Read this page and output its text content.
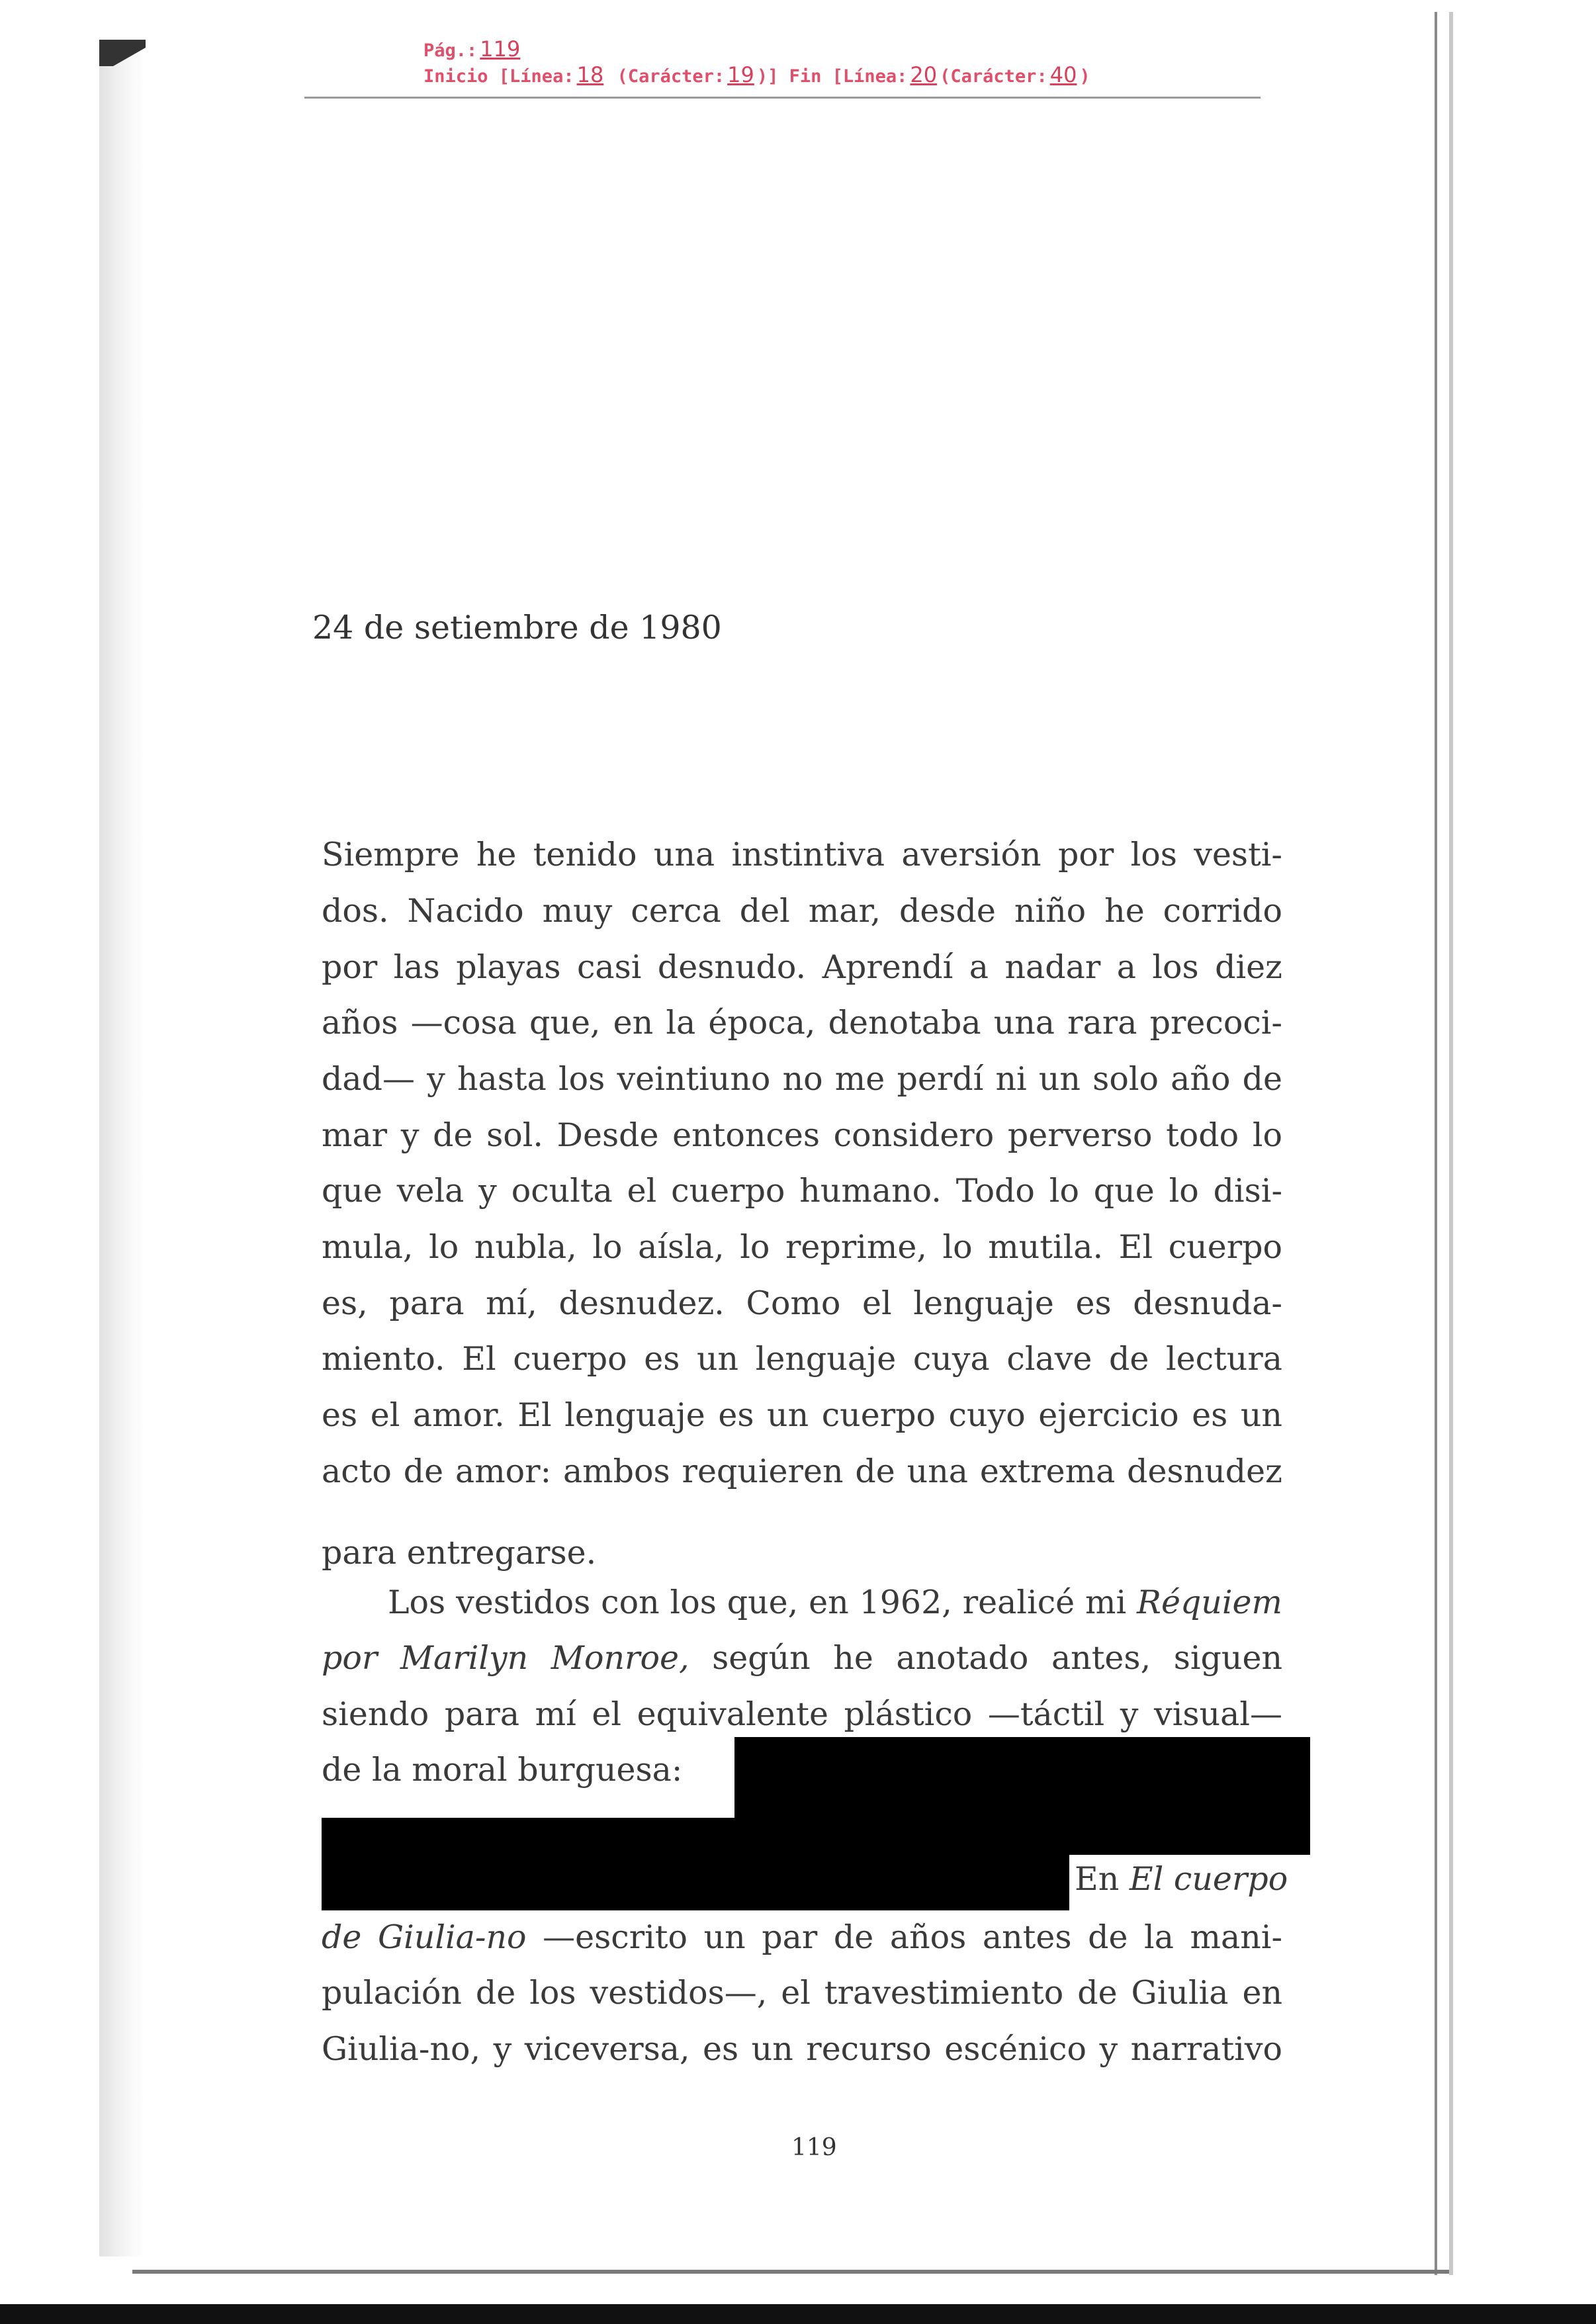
Pág.: 119
Inicio [Línea: 18 (Carácter: 19 )] Fin [Línea: 20 (Carácter: 40 )
24 de setiembre de 1980
Siempre he tenido una instintiva aversión por los vesti-
dos. Nacido muy cerca del mar, desde niño he corrido
por las playas casi desnudo. Aprendí a nadar a los diez
años —cosa que, en la época, denotaba una rara precoci-
dad— y hasta los veintiuno no me perdí ni un solo año de
mar y de sol. Desde entonces considero perverso todo lo
que vela y oculta el cuerpo humano. Todo lo que lo disi-
mula, lo nubla, lo aísla, lo reprime, lo mutila. El cuerpo
es, para mí, desnudez. Como el lenguaje es desnuda-
miento. El cuerpo es un lenguaje cuya clave de lectura
es el amor. El lenguaje es un cuerpo cuyo ejercicio es un
acto de amor: ambos requieren de una extrema desnudez
para entregarse.
Los vestidos con los que, en 1962, realicé mi Réquiem
por Marilyn Monroe, según he anotado antes, siguen
siendo para mí el equivalente plástico —táctil y visual—
de la moral burguesa:
En El cuerpo
de Giulia-no —escrito un par de años antes de la mani-
pulación de los vestidos—, el travestimiento de Giulia en
Giulia-no, y viceversa, es un recurso escénico y narrativo
119
